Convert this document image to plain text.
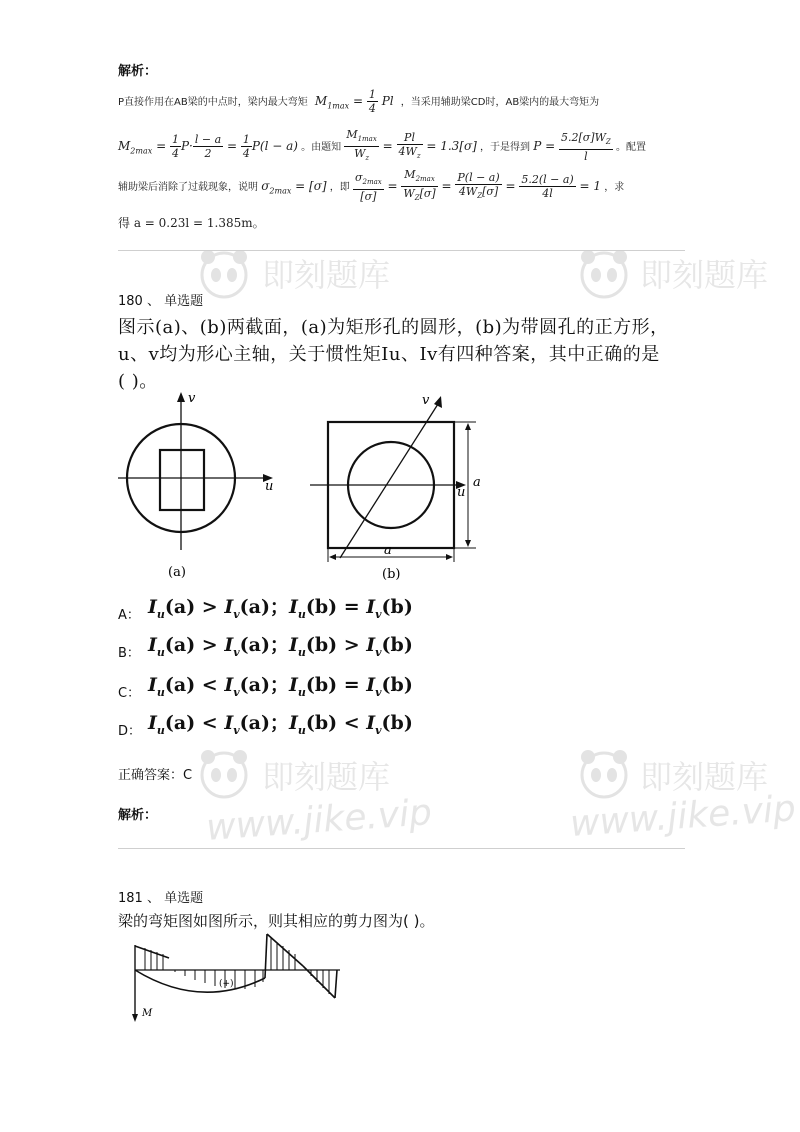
即刻题库	即刻题库
即刻题库
www.jike.vip
即刻题库
www.jike.vip
解析：
P直接作用在AB梁的中点时，梁内最大弯矩 $M_{1max} = \frac{1}{4}$ Pl ，当采用辅助梁CD时，AB梁内的最大弯矩为
$M_{2max} = \frac{1}{4} P\cdot \frac{l - a}{2} = \frac{1}{4} P(l - a)$ 。由题知 $\frac{M_{1max}}{W_z} = \frac{Pl}{4W_z} = 1.3[\sigma]$ ，于是得到 $P = \frac{5.2[\sigma]W_Z}{l}$ 。配置
辅助梁后消除了过载现象，说明 $\sigma_{2max} = [\sigma]$ ，即 $\frac{\sigma_{2max}}{[\sigma]} = \frac{M_{2max}}{W_Z[\sigma]} = \frac{P(l - a)}{4W_Z[\sigma]} = \frac{5.2(l - a)}{4l} = 1$ ，求
得 a = 0.23l = 1.385m。
180 、 单选题
图示(a)、(b)两截面，(a)为矩形孔的圆形，(b)为带圆孔的正方形，
u、v均为形心主轴，关于惯性矩Iu、Iv有四种答案，其中正确的是
( )。
u
v
(a)
u
v
a
a
(b)
A： $I_u(a) > I_v(a)$；$I_u(b) = I_v(b)$
B： $I_u(a) > I_v(a)$；$I_u(b) > I_v(b)$
C： $I_u(a) < I_v(a)$；$I_u(b) = I_v(b)$
D： $I_u(a) < I_v(a)$；$I_u(b) < I_v(b)$
正确答案：C
解析：
181 、 单选题
梁的弯矩图如图所示，则其相应的剪力图为( )。
(+)
M
